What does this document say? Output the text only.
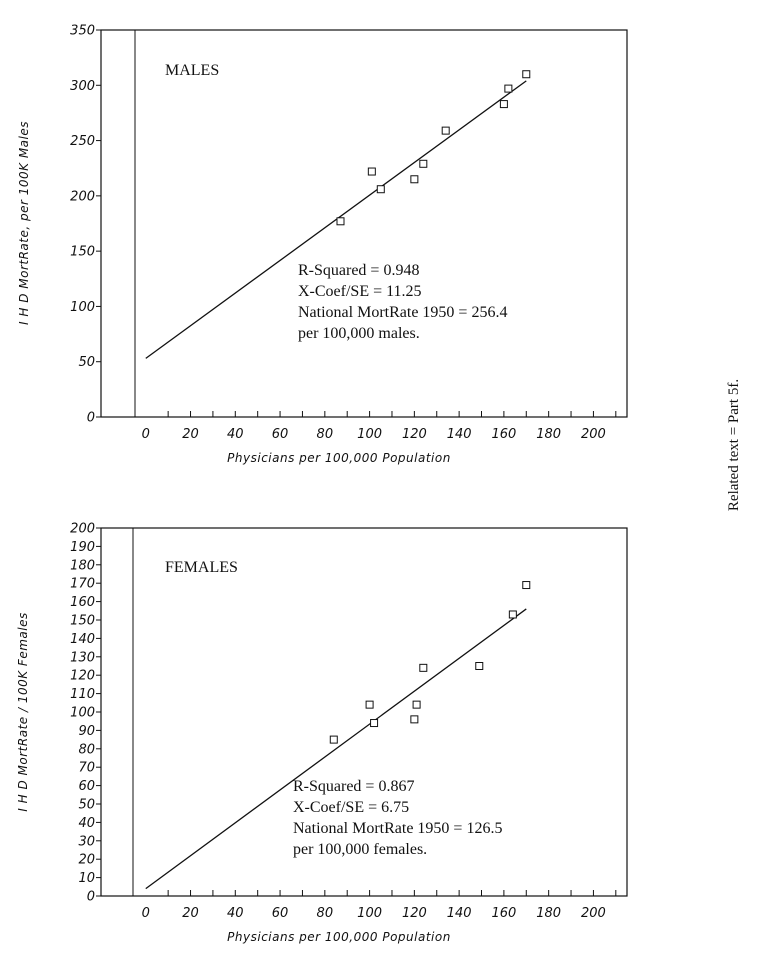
0 20 40 60 80 100 120 140 160 180 200
0
50
100
150
200
250
300
350
MALES
R-Squared = 0.948
X-Coef/SE = 11.25
National MortRate 1950 = 256.4
per 100,000 males.
Physicians per 100,000 Population
I H D MortRate, per 100K Males
0 20 40 60 80 100 120 140 160 180 200
0
10
20
30
40
50
60
70
80
90
100
110
120
130
140
150
160
170
180
190
200
FEMALES
R-Squared = 0.867
X-Coef/SE = 6.75
National MortRate 1950 = 126.5
per 100,000 females.
Physicians per 100,000 Population
I H D MortRate / 100K Females
Related text = Part 5f.
